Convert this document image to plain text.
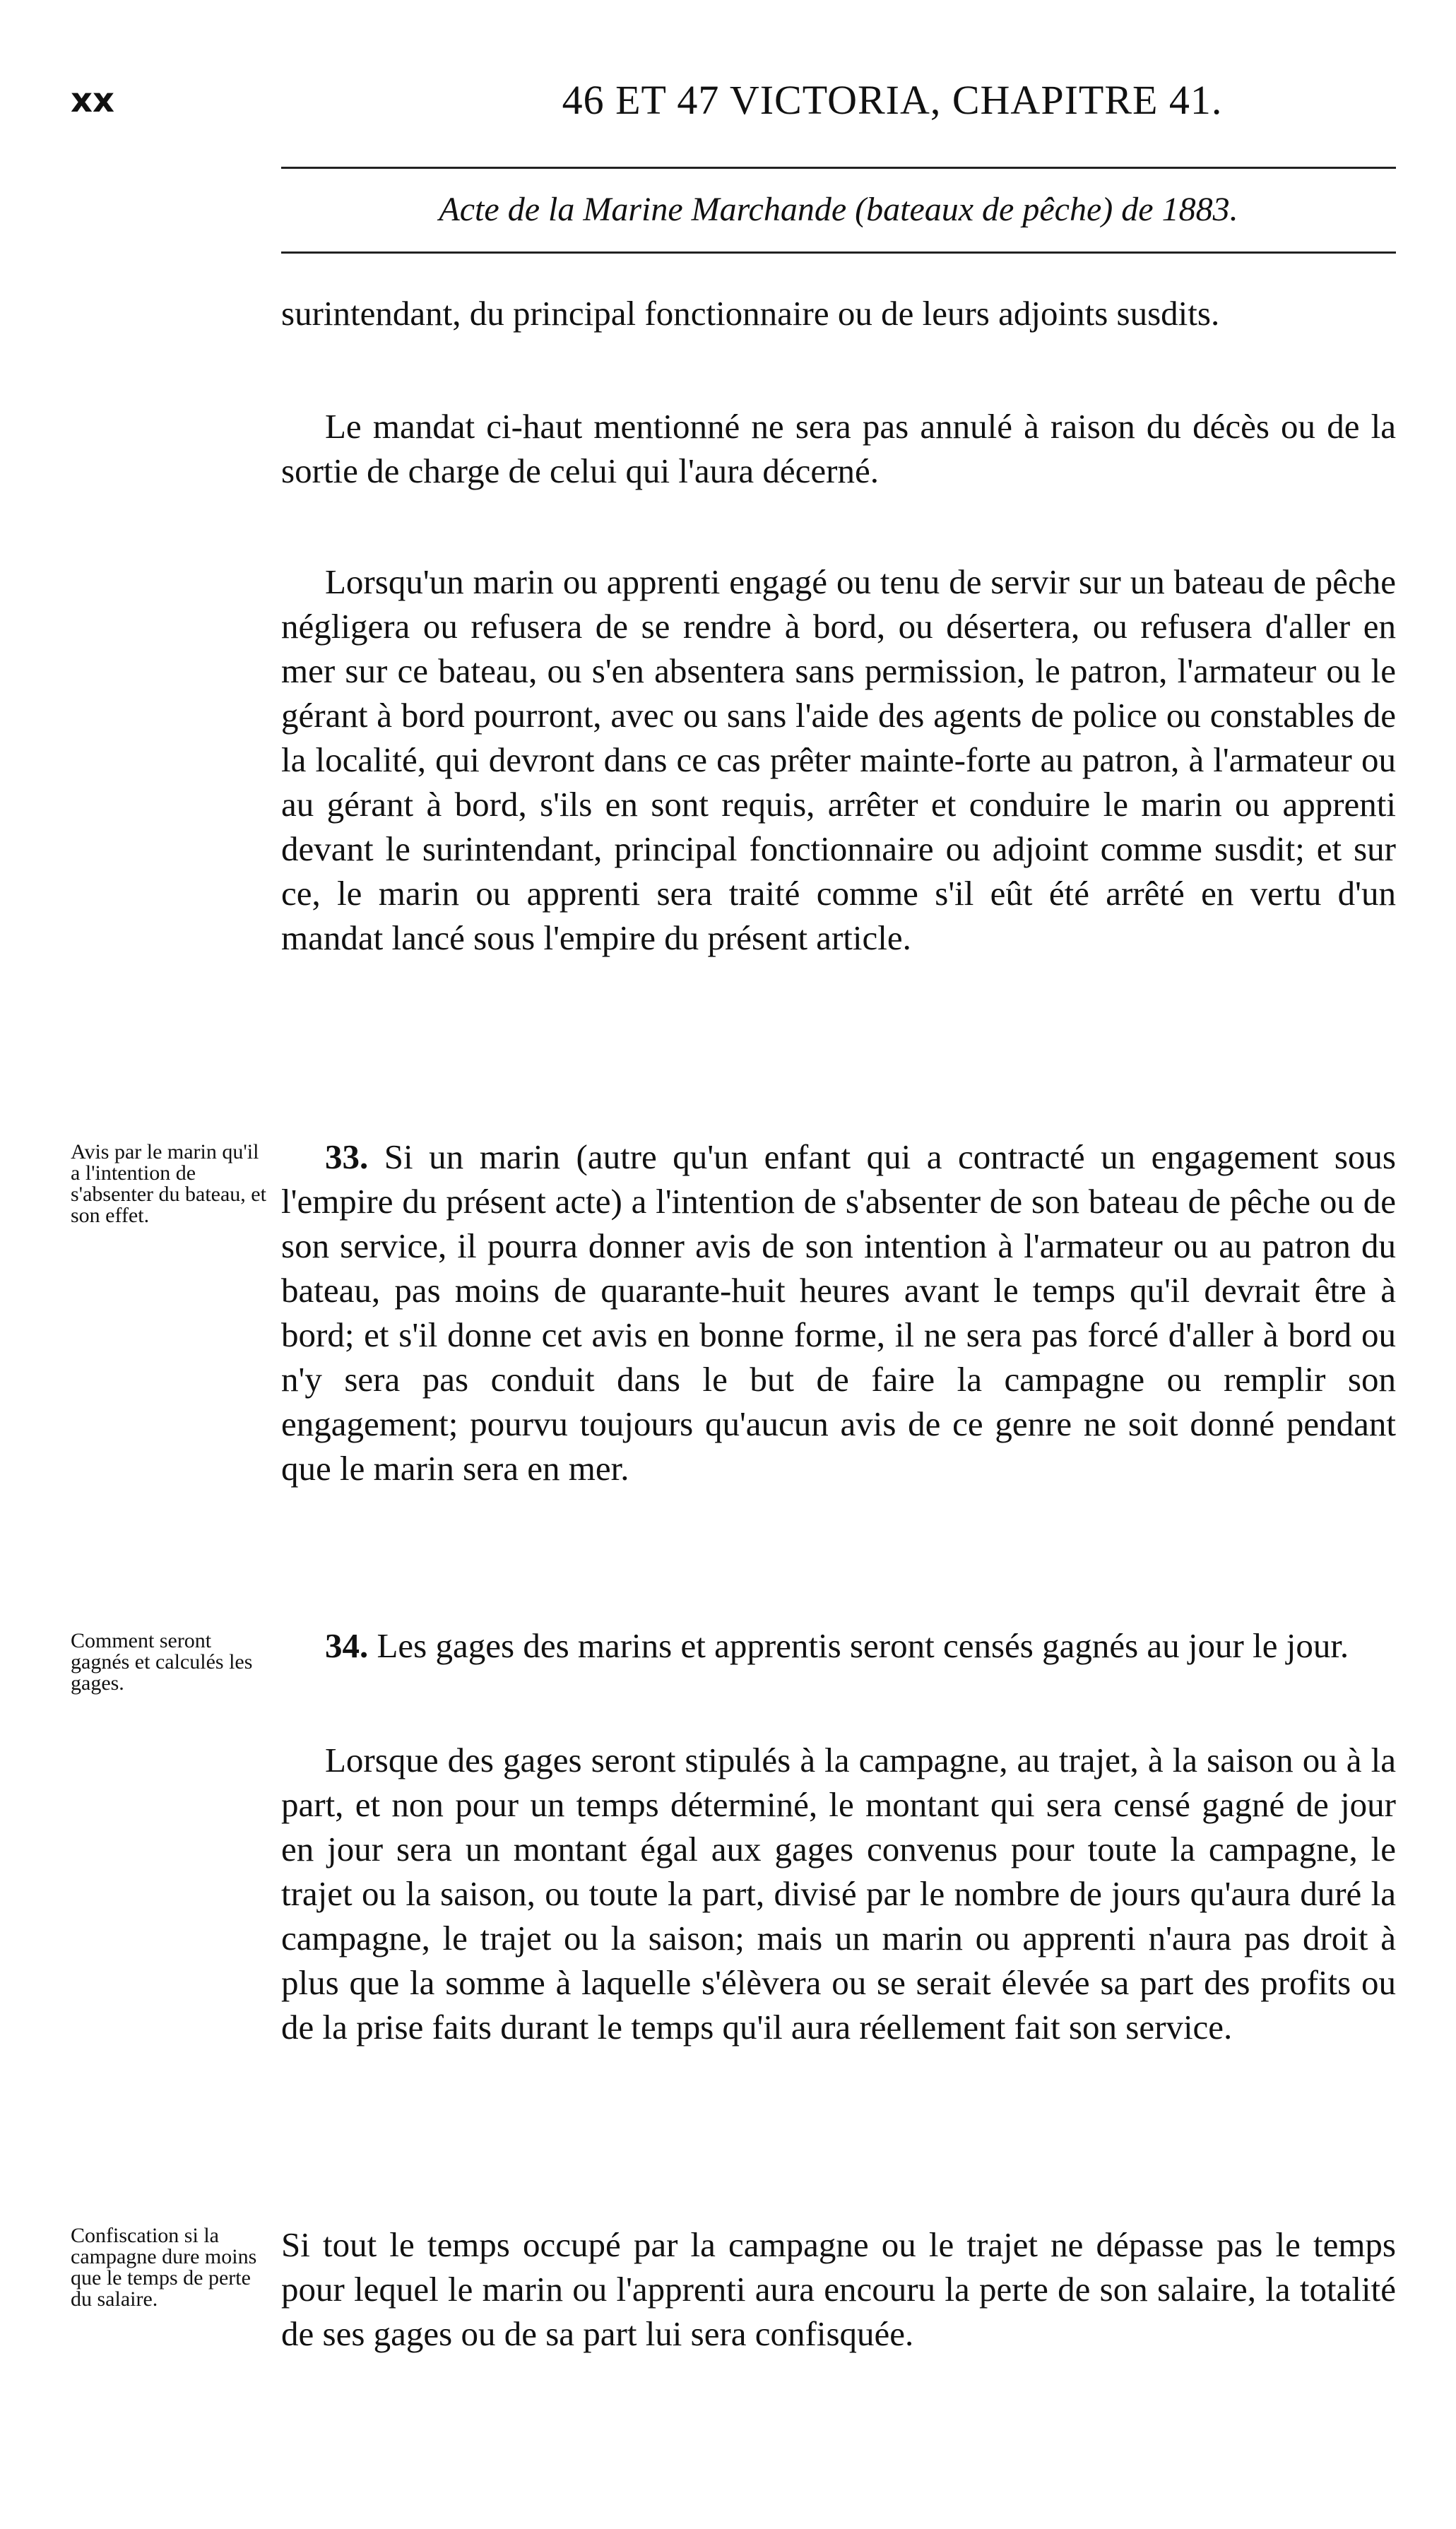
xx	46 ET 47 VICTORIA, CHAPITRE 41.
Acte de la Marine Marchande (bateaux de pêche) de 1883.
surintendant, du principal fonctionnaire ou de leurs adjoints susdits.
Le mandat ci-haut mentionné ne sera pas annulé à raison du décès ou de la sortie de charge de celui qui l'aura décerné.
Lorsqu'un marin ou apprenti engagé ou tenu de servir sur un bateau de pêche négligera ou refusera de se rendre à bord, ou désertera, ou refusera d'aller en mer sur ce bateau, ou s'en absentera sans permission, le patron, l'armateur ou le gérant à bord pourront, avec ou sans l'aide des agents de police ou constables de la localité, qui devront dans ce cas prêter mainte-forte au patron, à l'armateur ou au gérant à bord, s'ils en sont requis, arrêter et conduire le marin ou apprenti devant le surintendant, principal fonctionnaire ou adjoint comme susdit; et sur ce, le marin ou apprenti sera traité comme s'il eût été arrêté en vertu d'un mandat lancé sous l'empire du présent article.
Avis par le marin qu'il a l'intention de s'absenter du bateau, et son effet.
33. Si un marin (autre qu'un enfant qui a contracté un engagement sous l'empire du présent acte) a l'intention de s'absenter de son bateau de pêche ou de son service, il pourra donner avis de son intention à l'armateur ou au patron du bateau, pas moins de quarante-huit heures avant le temps qu'il devrait être à bord; et s'il donne cet avis en bonne forme, il ne sera pas forcé d'aller à bord ou n'y sera pas conduit dans le but de faire la campagne ou remplir son engagement; pourvu toujours qu'aucun avis de ce genre ne soit donné pendant que le marin sera en mer.
Comment seront gagnés et calculés les gages.
34. Les gages des marins et apprentis seront censés gagnés au jour le jour.
Lorsque des gages seront stipulés à la campagne, au trajet, à la saison ou à la part, et non pour un temps déterminé, le montant qui sera censé gagné de jour en jour sera un montant égal aux gages convenus pour toute la campagne, le trajet ou la saison, ou toute la part, divisé par le nombre de jours qu'aura duré la campagne, le trajet ou la saison; mais un marin ou apprenti n'aura pas droit à plus que la somme à laquelle s'élèvera ou se serait élevée sa part des profits ou de la prise faits durant le temps qu'il aura réellement fait son service.
Confiscation si la campagne dure moins que le temps de perte du salaire.
Si tout le temps occupé par la campagne ou le trajet ne dépasse pas le temps pour lequel le marin ou l'apprenti aura encouru la perte de son salaire, la totalité de ses gages ou de sa part lui sera confisquée.
